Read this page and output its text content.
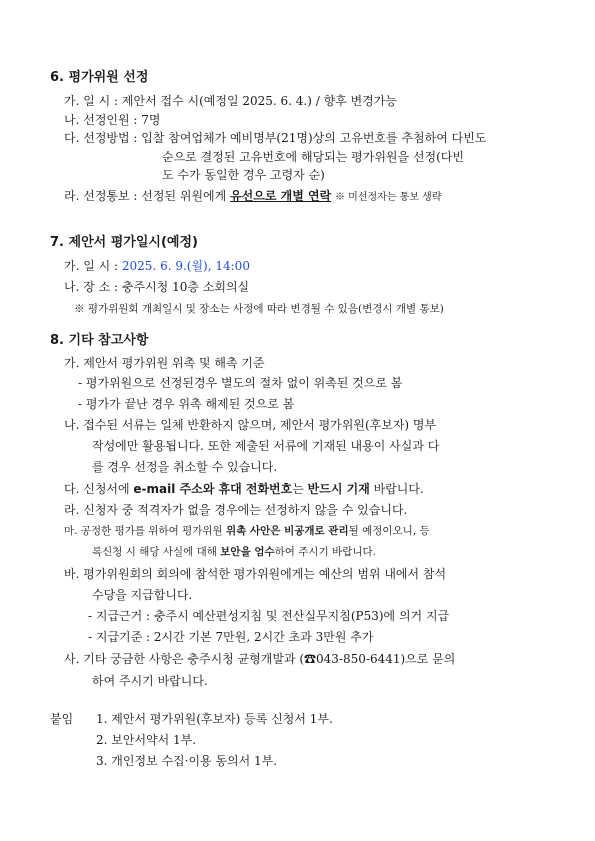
6. 평가위원 선정
가. 일 시 : 제안서 접수 시(예정일 2025. 6. 4.) / 향후 변경가능
나. 선정인원 : 7명
다. 선정방법 : 입찰 참여업체가 예비명부(21명)상의 고유번호를 추첨하여 다빈도
순으로 결정된 고유번호에 해당되는 평가위원을 선정(다빈
도 수가 동일한 경우 고령자 순)
라. 선정통보 : 선정된 위원에게 유선으로 개별 연락 ※ 미선정자는 통보 생략
7. 제안서 평가일시(예정)
가. 일 시 : 2025. 6. 9.(월), 14:00
나. 장 소 : 충주시청 10층 소회의실
※ 평가위원회 개최일시 및 장소는 사정에 따라 변경될 수 있음(변경시 개별 통보)
8. 기타 참고사항
가. 제안서 평가위원 위촉 및 해촉 기준
- 평가위원으로 선정된경우 별도의 절차 없이 위촉된 것으로 봄
- 평가가 끝난 경우 위촉 해제된 것으로 봄
나. 접수된 서류는 일체 반환하지 않으며, 제안서 평가위원(후보자) 명부
작성에만 활용됩니다. 또한 제출된 서류에 기재된 내용이 사실과 다
를 경우 선정을 취소할 수 있습니다.
다. 신청서에 e-mail 주소와 휴대 전화번호는 반드시 기재 바랍니다.
라. 신청자 중 적격자가 없을 경우에는 선정하지 않을 수 있습니다.
마. 공정한 평가를 위하여 평가위원 위촉 사안은 비공개로 관리될 예정이오니, 등
록신청 시 해당 사실에 대해 보안을 엄수하여 주시기 바랍니다.
바. 평가위원회의 회의에 참석한 평가위원에게는 예산의 범위 내에서 참석
수당을 지급합니다.
- 지급근거 : 충주시 예산편성지침 및 전산실무지침(P53)에 의거 지급
- 지급기준 : 2시간 기본 7만원, 2시간 초과 3만원 추가
사. 기타 궁금한 사항은 충주시청 균형개발과 (☎043-850-6441)으로 문의
하여 주시기 바랍니다.
붙임 1. 제안서 평가위원(후보자) 등록 신청서 1부.
2. 보안서약서 1부.
3. 개인정보 수집·이용 동의서 1부.
